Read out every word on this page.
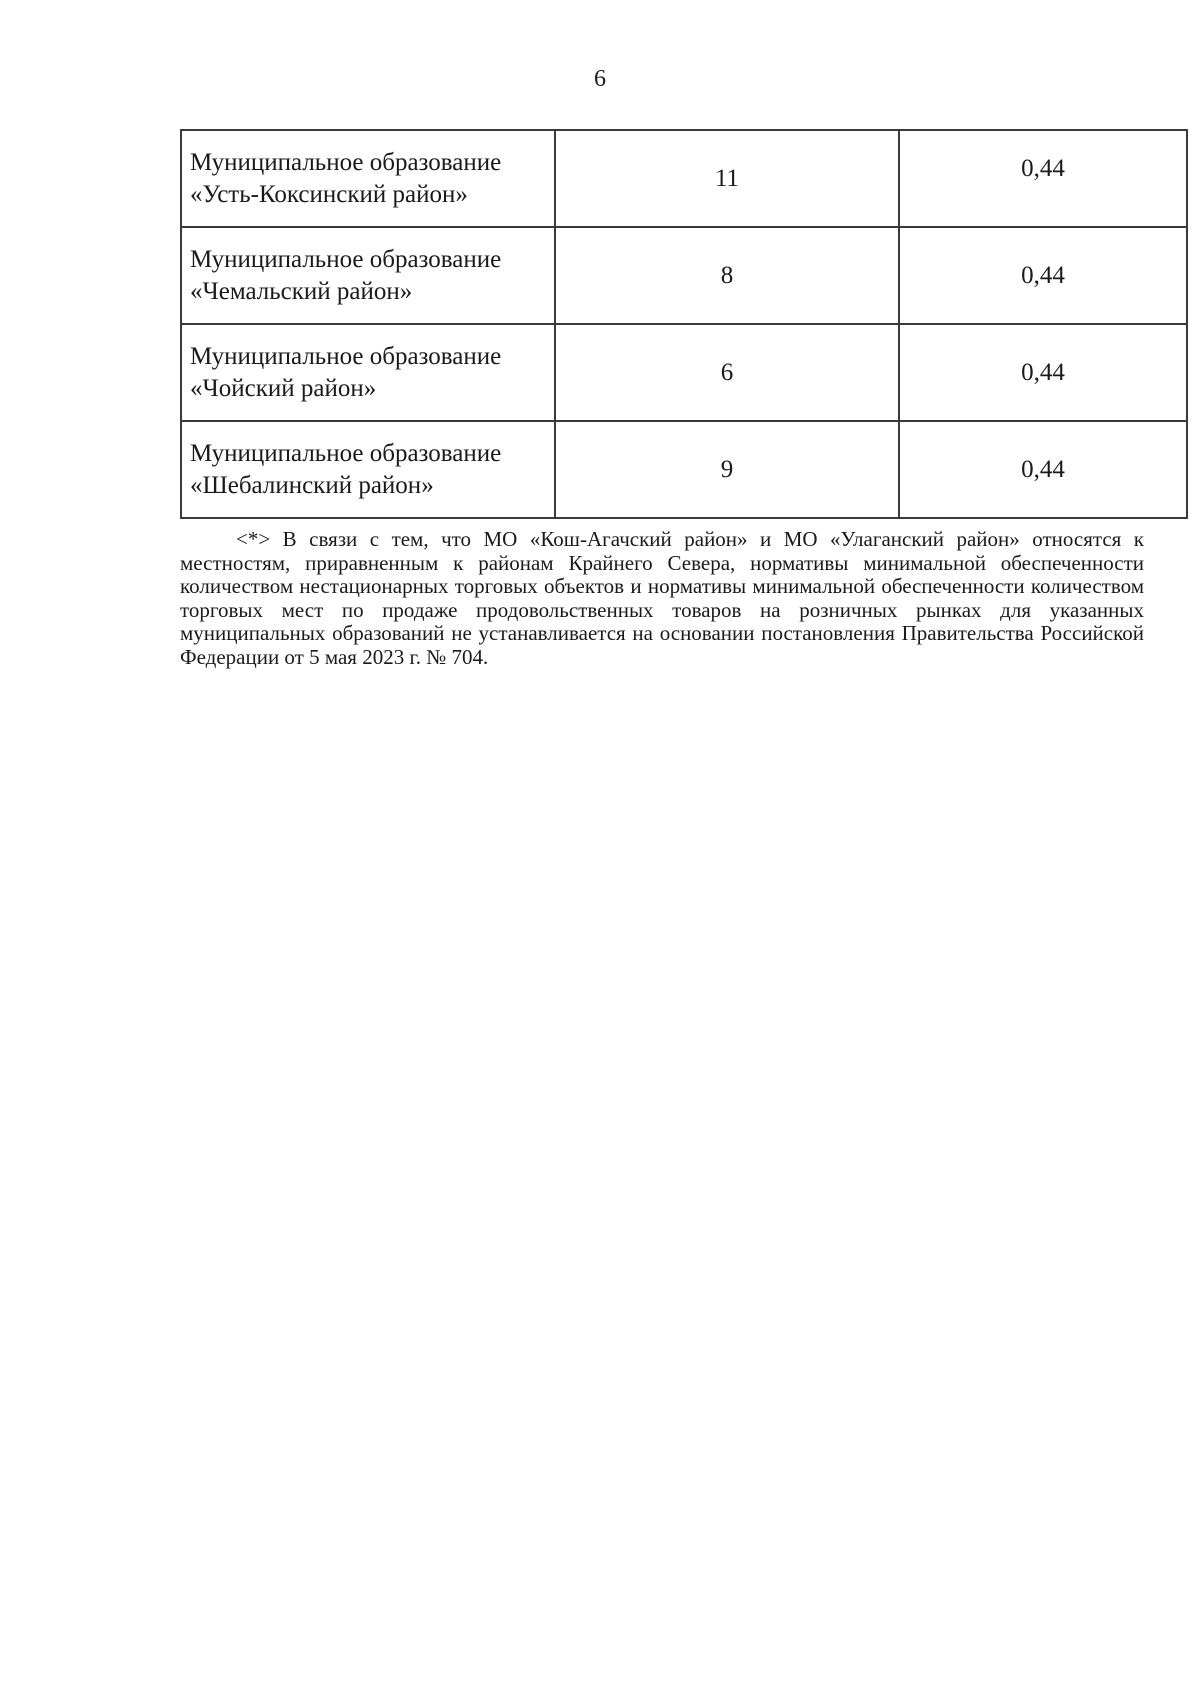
6
Муниципальное образование «Усть-Коксинский район»	11	0,44

Муниципальное образование «Чемальский район»	8	0,44

Муниципальное образование «Чойский район»	6	0,44

Муниципальное образование «Шебалинский район»	9	0,44

<*> В связи с тем, что МО «Кош-Агачский район» и МО «Улаганский район» относятся к местностям, приравненным к районам Крайнего Севера, нормативы минимальной обеспеченности количеством нестационарных торговых объектов и нормативы минимальной обеспеченности количеством торговых мест по продаже продовольственных товаров на розничных рынках для указанных муниципальных образований не устанавливается на основании постановления Правительства Российской Федерации от 5 мая 2023 г. № 704.
